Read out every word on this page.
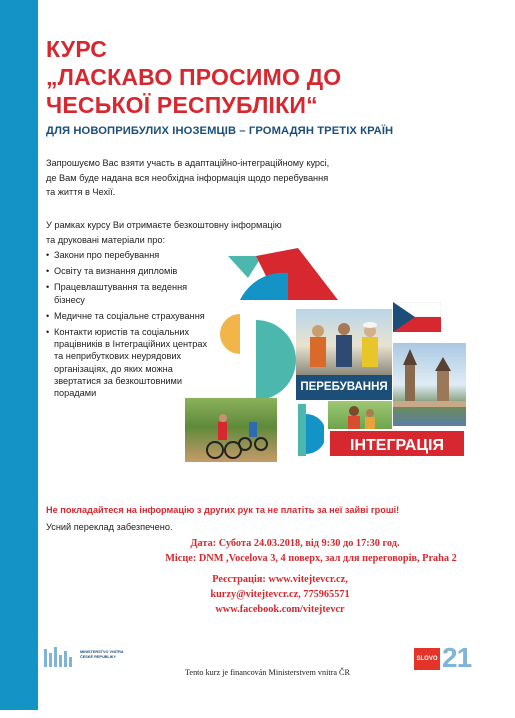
КУРС
„ЛАСКАВО ПРОСИМО ДО
ЧЕСЬКОЇ РЕСПУБЛІКИ“
ДЛЯ НОВОПРИБУЛИХ ІНОЗЕМЦІВ – ГРОМАДЯН ТРЕТІХ КРАЇН
Запрошуємо Вас взяти участь в адаптаційно-інтеграційному курсі,
де Вам буде надана вся необхідна інформація щодо перебування
та життя в Чехії.
У рамках курсу Ви отримаєте безкоштовну інформацію
та друковані матеріали про:
• Закони про перебування
• Освіту та визнання дипломів
• Працевлаштування та ведення бізнесу
• Медичне та соціальне страхування
• Контакти юристів та соціальних працівників в Інтеграційних центрах та неприбуткових неурядових організаціях, до яких можна звертатися за безкоштовними порадами
ПЕРЕБУВАННЯ
ІНТЕГРАЦІЯ
Не покладайтеся на інформацію з других рук та не платіть за неї зайві гроші!
Усний переклад забезпечено.
Дата: Субота 24.03.2018, від 9:30 до 17:30 год.
Місце: DNM ,Vocelova 3, 4 поверх, зал для переговорів, Praha 2
Реєстрація: www.vitejtevcr.cz,
kurzy@vitejtevcr.cz, 775965571
www.facebook.com/vitejtevcr
MINISTERSTVO VNITRA
ČESKÉ REPUBLIKY
Tento kurz je financován Ministerstvem vnitra ČR
SLOVO 21
